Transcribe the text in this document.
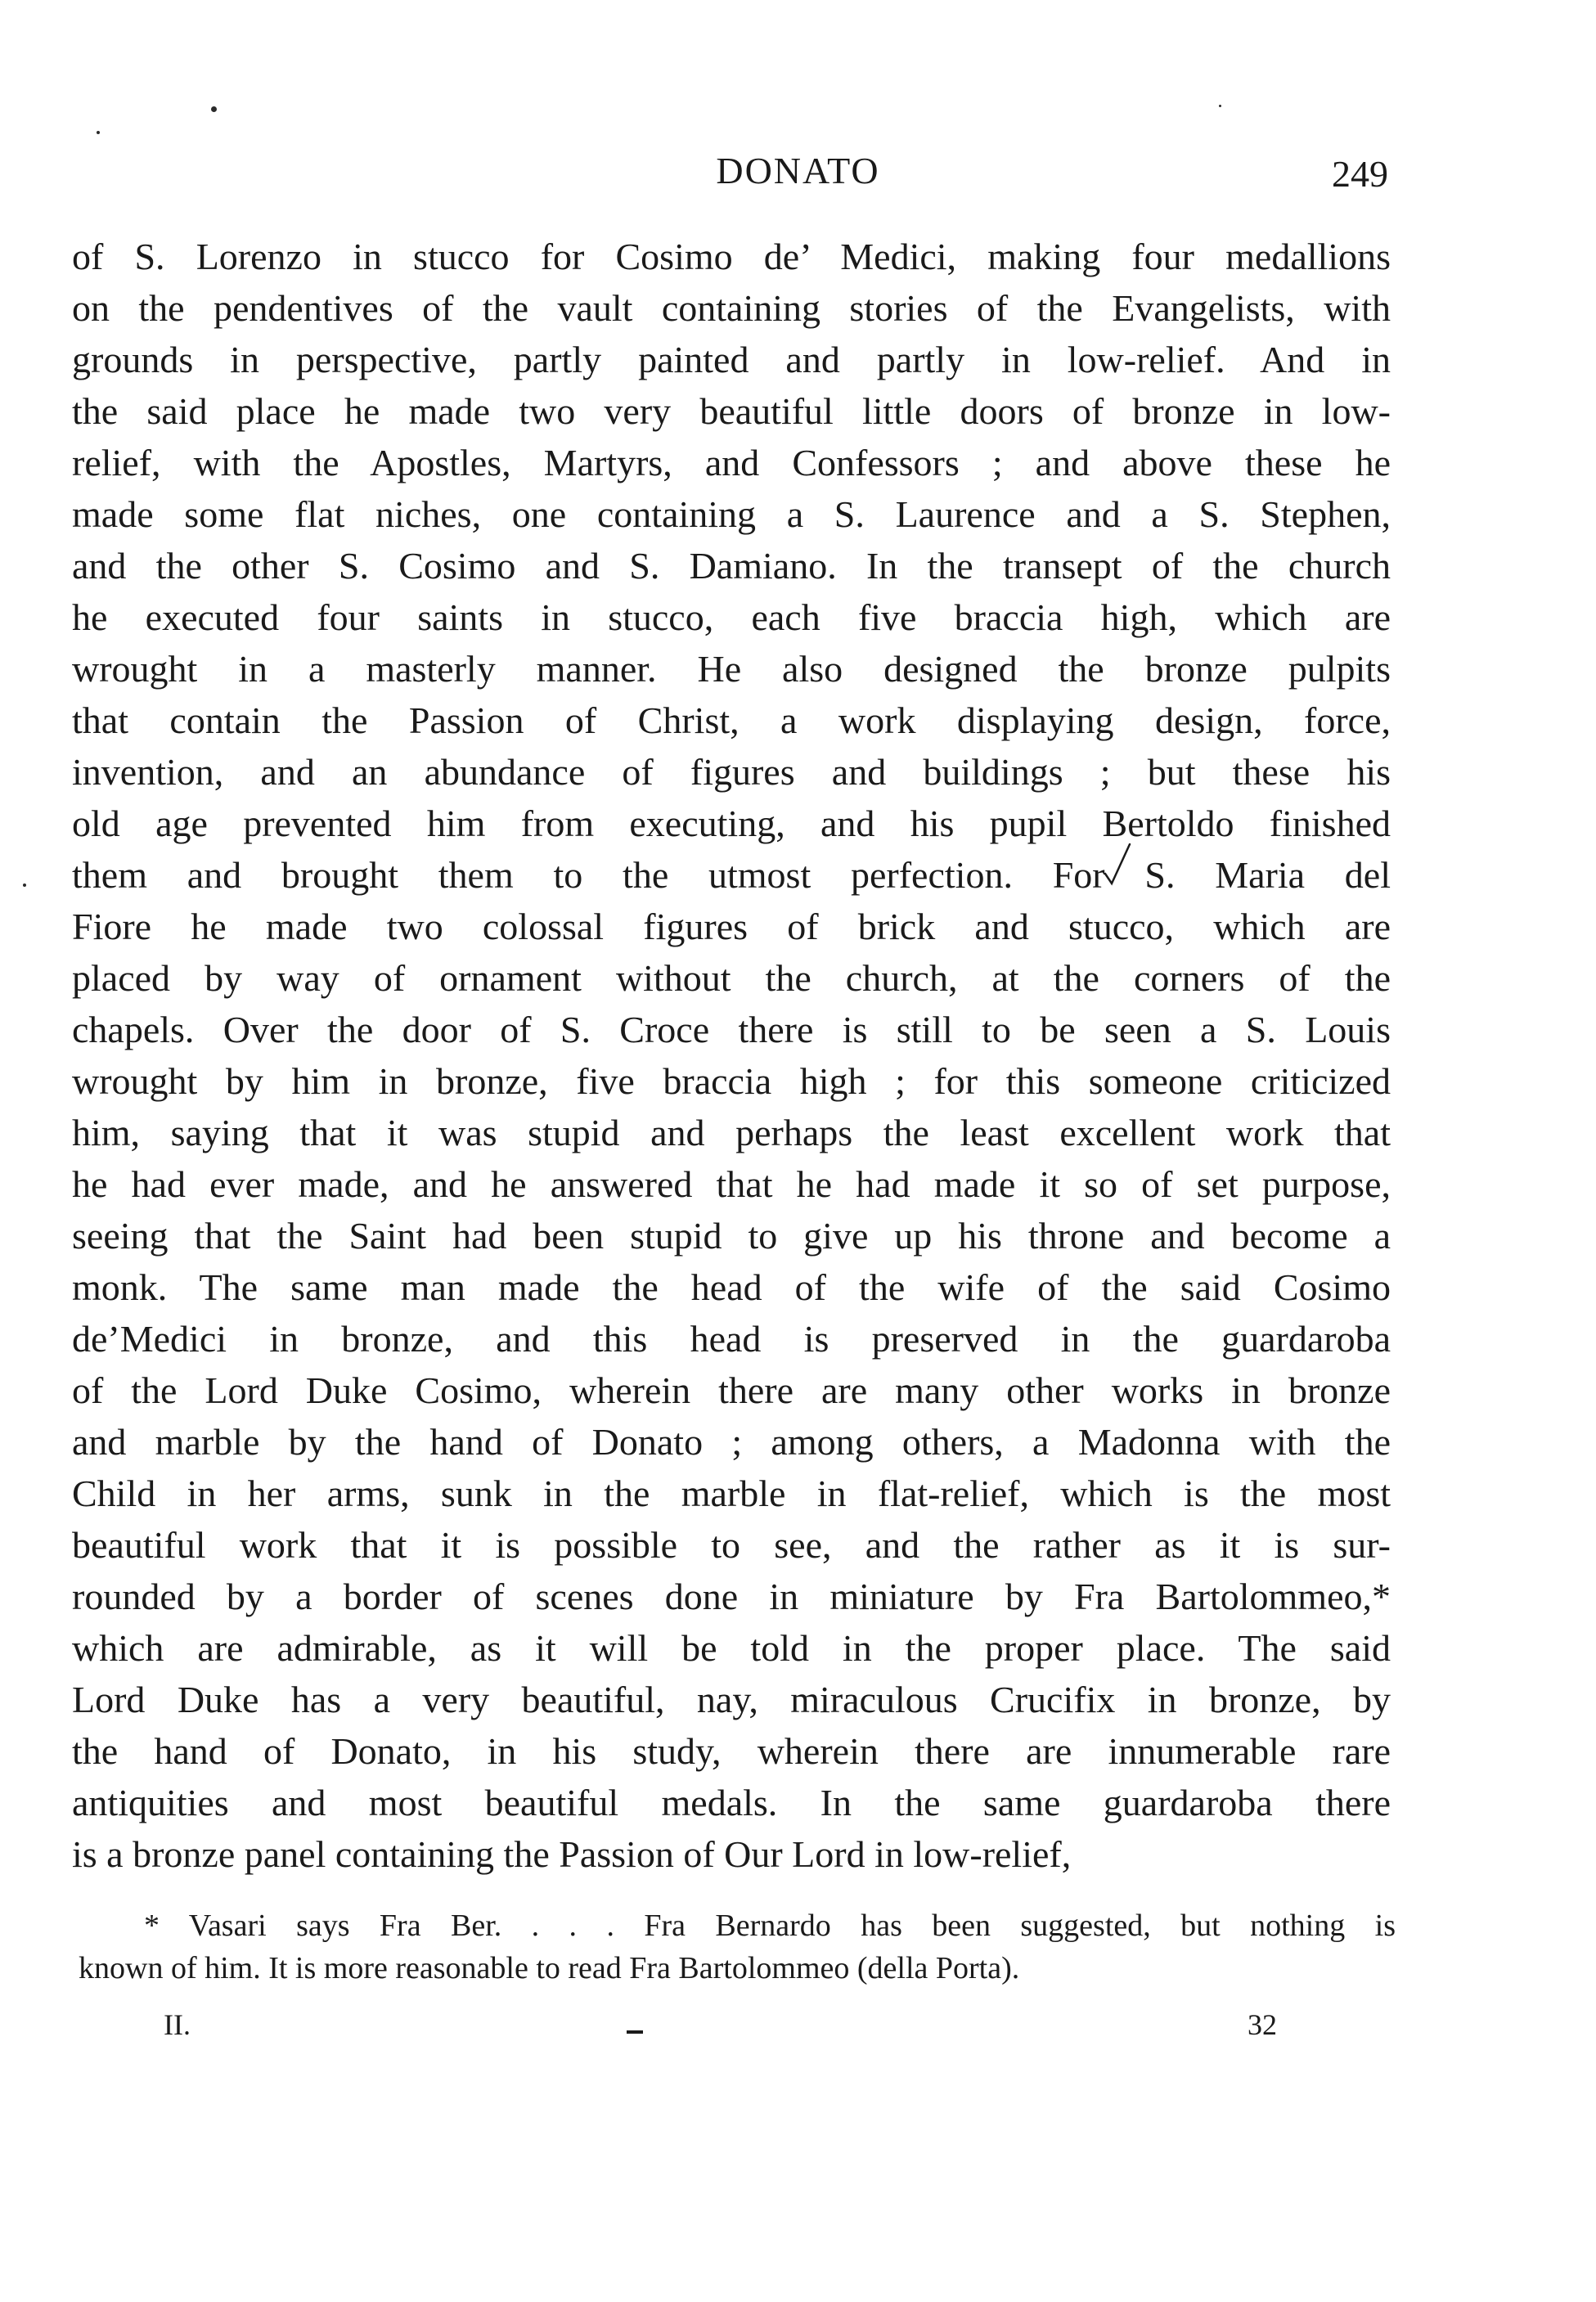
DONATO	249
of S. Lorenzo in stucco for Cosimo de’ Medici, making four medallions
on the pendentives of the vault containing stories of the Evangelists, with
grounds in perspective, partly painted and partly in low-relief. And in
the said place he made two very beautiful little doors of bronze in low-
relief, with the Apostles, Martyrs, and Confessors ; and above these he
made some flat niches, one containing a S. Laurence and a S. Stephen,
and the other S. Cosimo and S. Damiano. In the transept of the church
he executed four saints in stucco, each five braccia high, which are
wrought in a masterly manner. He also designed the bronze pulpits
that contain the Passion of Christ, a work displaying design, force,
invention, and an abundance of figures and buildings ; but these his
old age prevented him from executing, and his pupil Bertoldo finished
them and brought them to the utmost perfection. For S. Maria del
Fiore he made two colossal figures of brick and stucco, which are
placed by way of ornament without the church, at the corners of the
chapels. Over the door of S. Croce there is still to be seen a S. Louis
wrought by him in bronze, five braccia high ; for this someone criticized
him, saying that it was stupid and perhaps the least excellent work that
he had ever made, and he answered that he had made it so of set purpose,
seeing that the Saint had been stupid to give up his throne and become a
monk. The same man made the head of the wife of the said Cosimo
de’Medici in bronze, and this head is preserved in the guardaroba
of the Lord Duke Cosimo, wherein there are many other works in bronze
and marble by the hand of Donato ; among others, a Madonna with the
Child in her arms, sunk in the marble in flat-relief, which is the most
beautiful work that it is possible to see, and the rather as it is sur-
rounded by a border of scenes done in miniature by Fra Bartolommeo,*
which are admirable, as it will be told in the proper place. The said
Lord Duke has a very beautiful, nay, miraculous Crucifix in bronze, by
the hand of Donato, in his study, wherein there are innumerable rare
antiquities and most beautiful medals. In the same guardaroba there
is a bronze panel containing the Passion of Our Lord in low-relief,
* Vasari says Fra Ber. . . . Fra Bernardo has been suggested, but nothing is
known of him. It is more reasonable to read Fra Bartolommeo (della Porta).
II.	32
